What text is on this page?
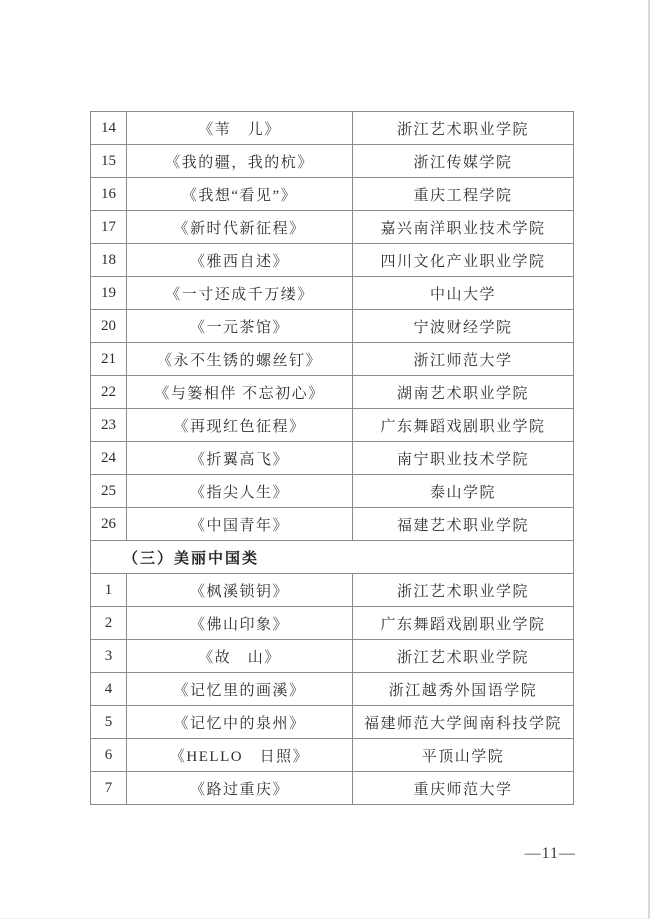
14	《苇　儿》	浙江艺术职业学院
15	《我的疆，我的杭》	浙江传媒学院
16	《我想“看见”》	重庆工程学院
17	《新时代新征程》	嘉兴南洋职业技术学院
18	《雅西自述》	四川文化产业职业学院
19	《一寸还成千万缕》	中山大学
20	《一元茶馆》	宁波财经学院
21	《永不生锈的螺丝钉》	浙江师范大学
22	《与篓相伴 不忘初心》	湖南艺术职业学院
23	《再现红色征程》	广东舞蹈戏剧职业学院
24	《折翼高飞》	南宁职业技术学院
25	《指尖人生》	泰山学院
26	《中国青年》	福建艺术职业学院
（三）美丽中国类		
1	《枫溪锁钥》	浙江艺术职业学院
2	《佛山印象》	广东舞蹈戏剧职业学院
3	《故　山》	浙江艺术职业学院
4	《记忆里的画溪》	浙江越秀外国语学院
5	《记忆中的泉州》	福建师范大学闽南科技学院
6	《HELLO　日照》	平顶山学院
7	《路过重庆》	重庆师范大学
—11—
